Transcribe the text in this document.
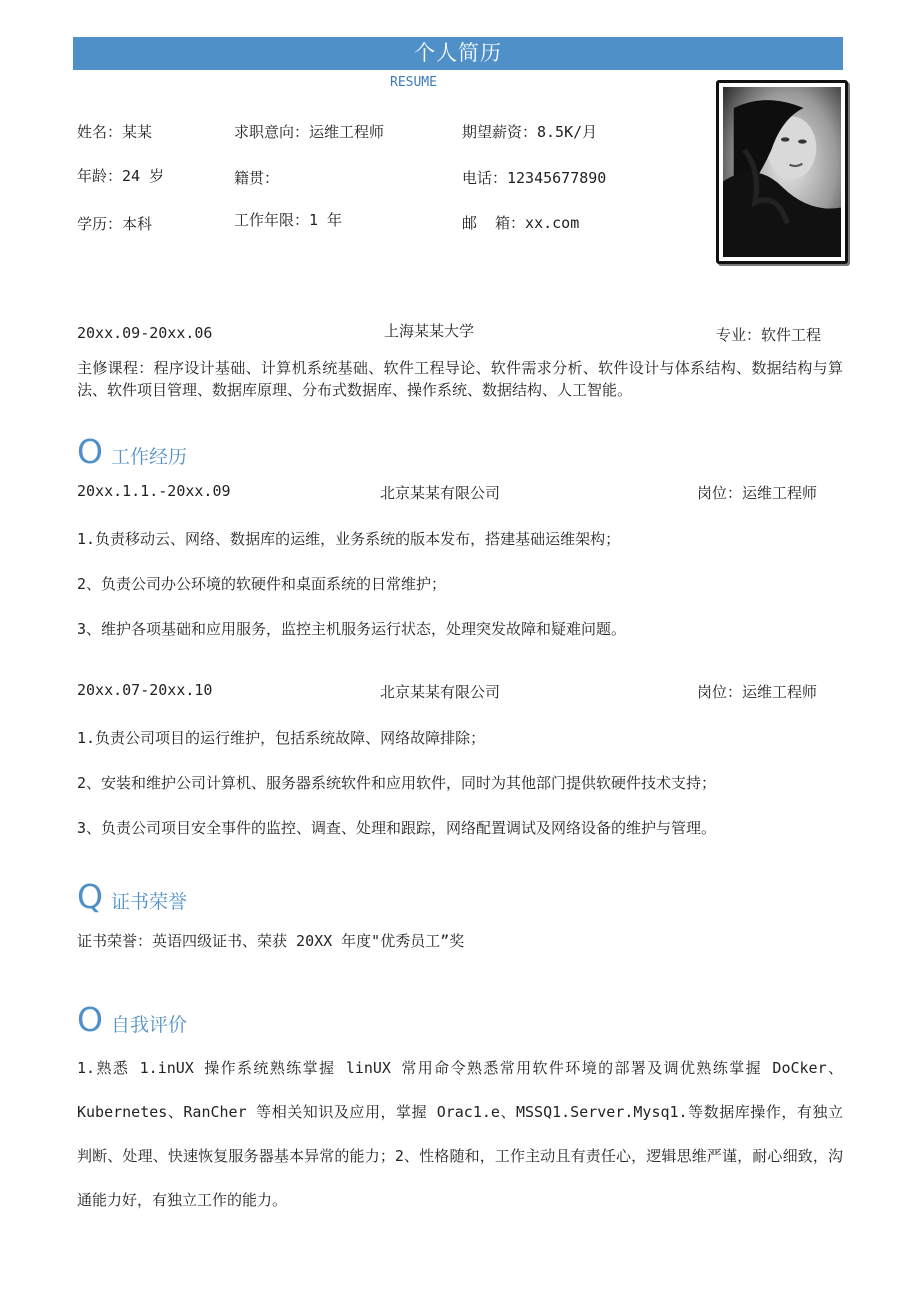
个人简历
RESUME
姓名：某某	求职意向：运维工程师	期望薪资：8.5K/月
年龄：24 岁	籍贯：	电话：12345677890
学历：本科	工作年限：1 年	邮  箱：xx.com
20xx.09-20xx.06	上海某某大学	专业：软件工程
主修课程：程序设计基础、计算机系统基础、软件工程导论、软件需求分析、软件设计与体系结构、数据结构与算法、软件项目管理、数据库原理、分布式数据库、操作系统、数据结构、人工智能。
O 工作经历
20xx.1.1.-20xx.09	北京某某有限公司	岗位：运维工程师
1.负责移动云、网络、数据库的运维，业务系统的版本发布，搭建基础运维架构；
2、负责公司办公环境的软硬件和桌面系统的日常维护；
3、维护各项基础和应用服务，监控主机服务运行状态，处理突发故障和疑难问题。
20xx.07-20xx.10	北京某某有限公司	岗位：运维工程师
1.负责公司项目的运行维护，包括系统故障、网络故障排除；
2、安装和维护公司计算机、服务器系统软件和应用软件，同时为其他部门提供软硬件技术支持；
3、负责公司项目安全事件的监控、调查、处理和跟踪，网络配置调试及网络设备的维护与管理。
Q 证书荣誉
证书荣誉：英语四级证书、荣获 20XX 年度"优秀员工”奖
O 自我评价
1.熟悉 1.inUX 操作系统熟练掌握 linUX 常用命令熟悉常用软件环境的部署及调优熟练掌握 DoCker、Kubernetes、RanCher 等相关知识及应用，掌握 Orac1.e、MSSQ1.Server.Mysq1.等数据库操作，有独立判断、处理、快速恢复服务器基本异常的能力；2、性格随和，工作主动且有责任心，逻辑思维严谨，耐心细致，沟通能力好，有独立工作的能力。
